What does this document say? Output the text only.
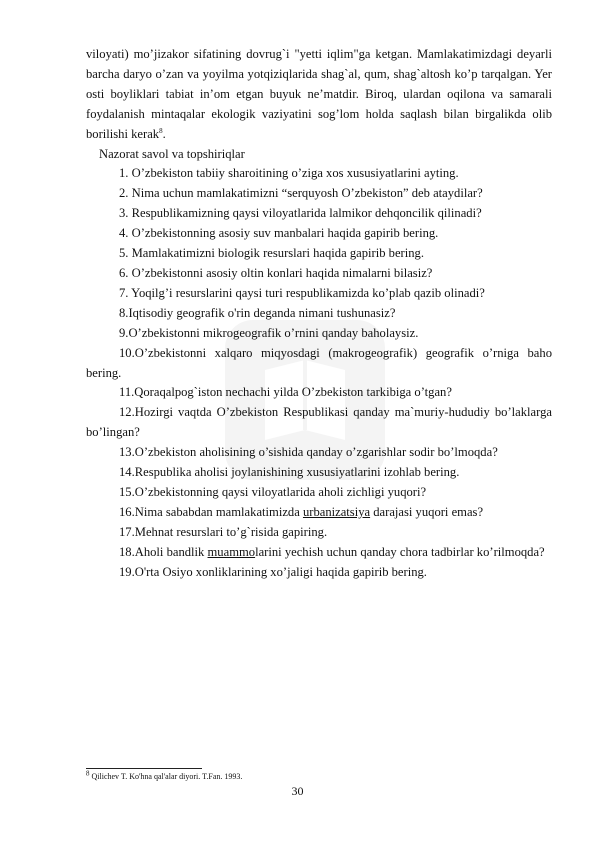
viloyati) mo’jizakor sifatining dovrug`i "yetti iqlim"ga ketgan. Mamlakatimizdagi deyarli barcha daryo o’zan va yoyilma yotqiziqlarida shag`al, qum, shag`altosh ko’p tarqalgan. Yer osti boyliklari tabiat in’om etgan buyuk ne’matdir. Biroq, ulardan oqilona va samarali foydalanish mintaqalar ekologik vaziyatini sog’lom holda saqlash bilan birgalikda olib borilishi kerak$^8$.

Nazorat savol va topshiriqlar

1. O’zbekiston tabiiy sharoitining o’ziga xos xususiyatlarini ayting.

2. Nima uchun mamlakatimizni “serquyosh O’zbekiston” deb ataydilar?

3. Respublikamizning qaysi viloyatlarida lalmikor dehqoncilik qilinadi?

4. O’zbekistonning asosiy suv manbalari haqida gapirib bering.

5. Mamlakatimizni biologik resurslari haqida gapirib bering.

6. O’zbekistonni asosiy oltin konlari haqida nimalarni bilasiz?

7. Yoqilg’i resurslarini qaysi turi respublikamizda ko’plab qazib olinadi?

8.Iqtisodiy geografik o'rin deganda nimani tushunasiz?

9.O’zbekistonni mikrogeografik o’rnini qanday baholaysiz.

10.O’zbekistonni xalqaro miqyosdagi (makrogeografik) geografik o’rniga baho bering.

11.Qoraqalpog`iston nechachi yilda O’zbekiston tarkibiga o’tgan?

12.Hozirgi vaqtda O’zbekiston Respublikasi qanday ma`muriy-hududiy bo’laklarga bo’lingan?

13.O’zbekiston aholisining o’sishida qanday o’zgarishlar sodir bo’lmoqda?

14.Respublika aholisi joylanishining xususiyatlarini izohlab bering.

15.O’zbekistonning qaysi viloyatlarida aholi zichligi yuqori?

16.Nima sababdan mamlakatimizda urbanizatsiya darajasi yuqori emas?

17.Mehnat resurslari to’g`risida gapiring.

18.Aholi bandlik muammolarini yechish uchun qanday chora tadbirlar ko’rilmoqda?

19.O'rta Osiyo xonliklarining xo’jaligi haqida gapirib bering.

$^8$ Qilichev T. Ko'hna qal'alar diyori. T.Fan. 1993.
30
